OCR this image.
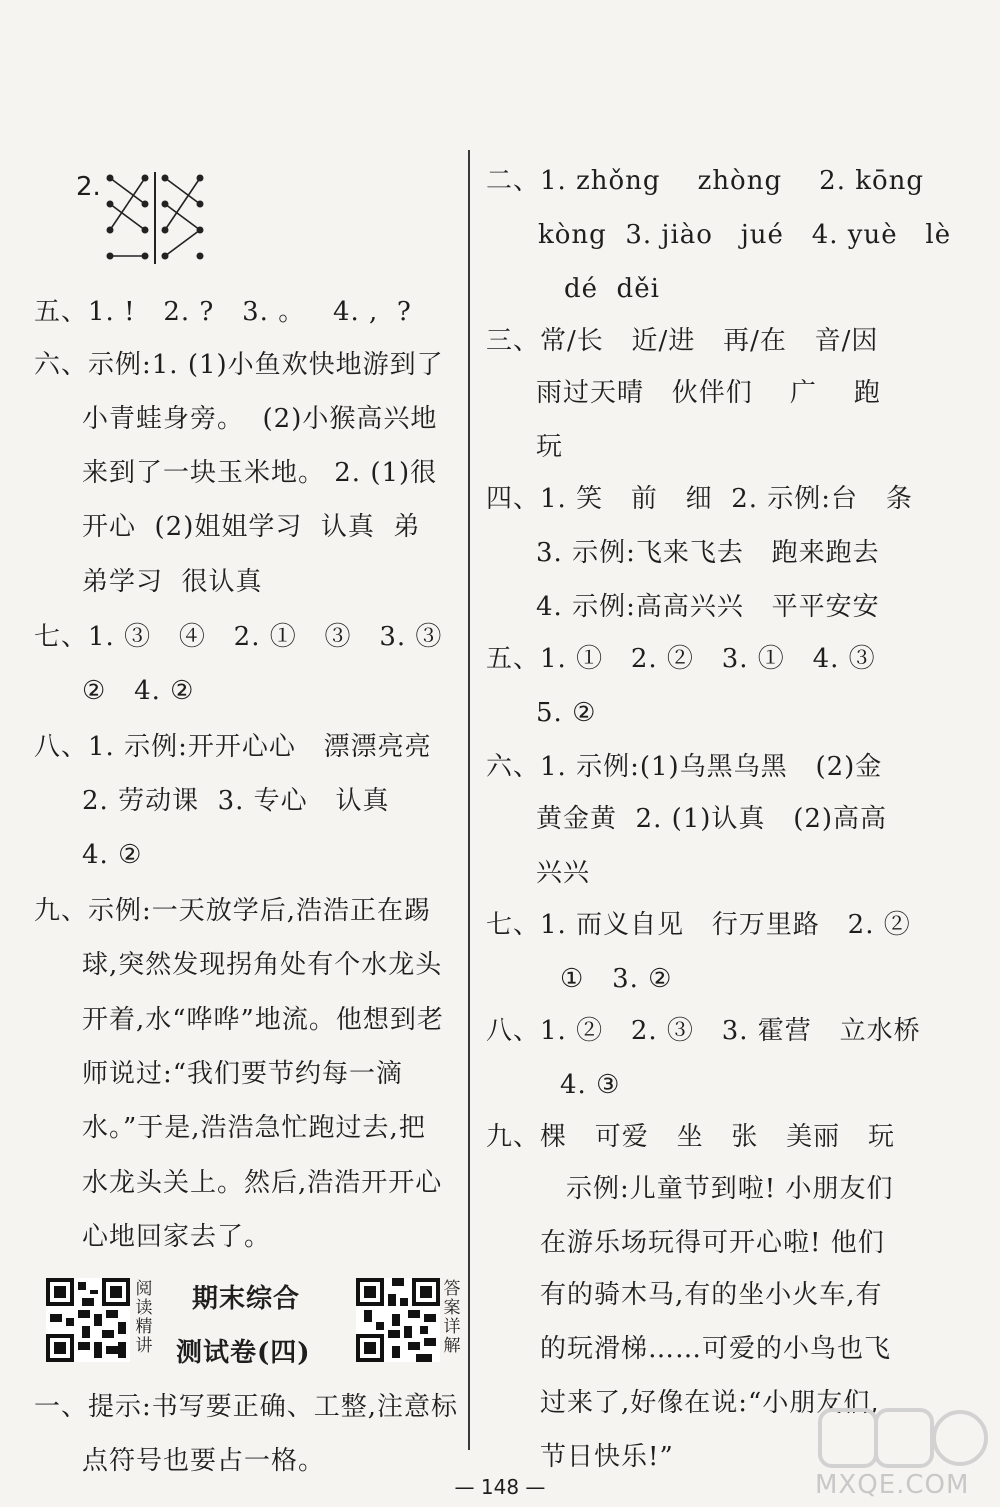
2.
五、1. !   2. ?   3. 。   4. ,  ?
六、示例:1. (1)小鱼欢快地游到了
小青蛙身旁。  (2)小猴高兴地
来到了一块玉米地。 2. (1)很
开心  (2)姐姐学习  认真  弟
弟学习  很认真
七、1. ③   ④   2. ①   ③   3. ③
②   4. ②
八、1. 示例:开开心心   漂漂亮亮
2. 劳动课  3. 专心   认真
4. ②
九、示例:一天放学后,浩浩正在踢
球,突然发现拐角处有个水龙头
开着,水“哗哗”地流。他想到老
师说过:“我们要节约每一滴
水。”于是,浩浩急忙跑过去,把
水龙头关上。然后,浩浩开开心
心地回家去了。
阅读精讲
期末综合
测试卷(四)
答案详解
一、提示:书写要正确、工整,注意标
点符号也要占一格。
二、1. zhǒng    zhòng    2. kōng
kòng  3. jiào   jué   4. yuè   lè
dé  děi
三、常/长   近/进   再/在   音/因
雨过天晴   伙伴们    广    跑
玩
四、1. 笑   前   细  2. 示例:台   条
3. 示例:飞来飞去   跑来跑去
4. 示例:高高兴兴   平平安安
五、1. ①   2. ②   3. ①   4. ③
5. ②
六、1. 示例:(1)乌黑乌黑   (2)金
黄金黄  2. (1)认真   (2)高高
兴兴
七、1. 而义自见   行万里路   2. ②
①   3. ②
八、1. ②   2. ③   3. 霍营   立水桥
4. ③
九、棵   可爱   坐   张   美丽   玩
示例:儿童节到啦! 小朋友们
在游乐场玩得可开心啦! 他们
有的骑木马,有的坐小火车,有
的玩滑梯……可爱的小鸟也飞
过来了,好像在说:“小朋友们,
节日快乐!”
MXQE.COM
— 148 —
